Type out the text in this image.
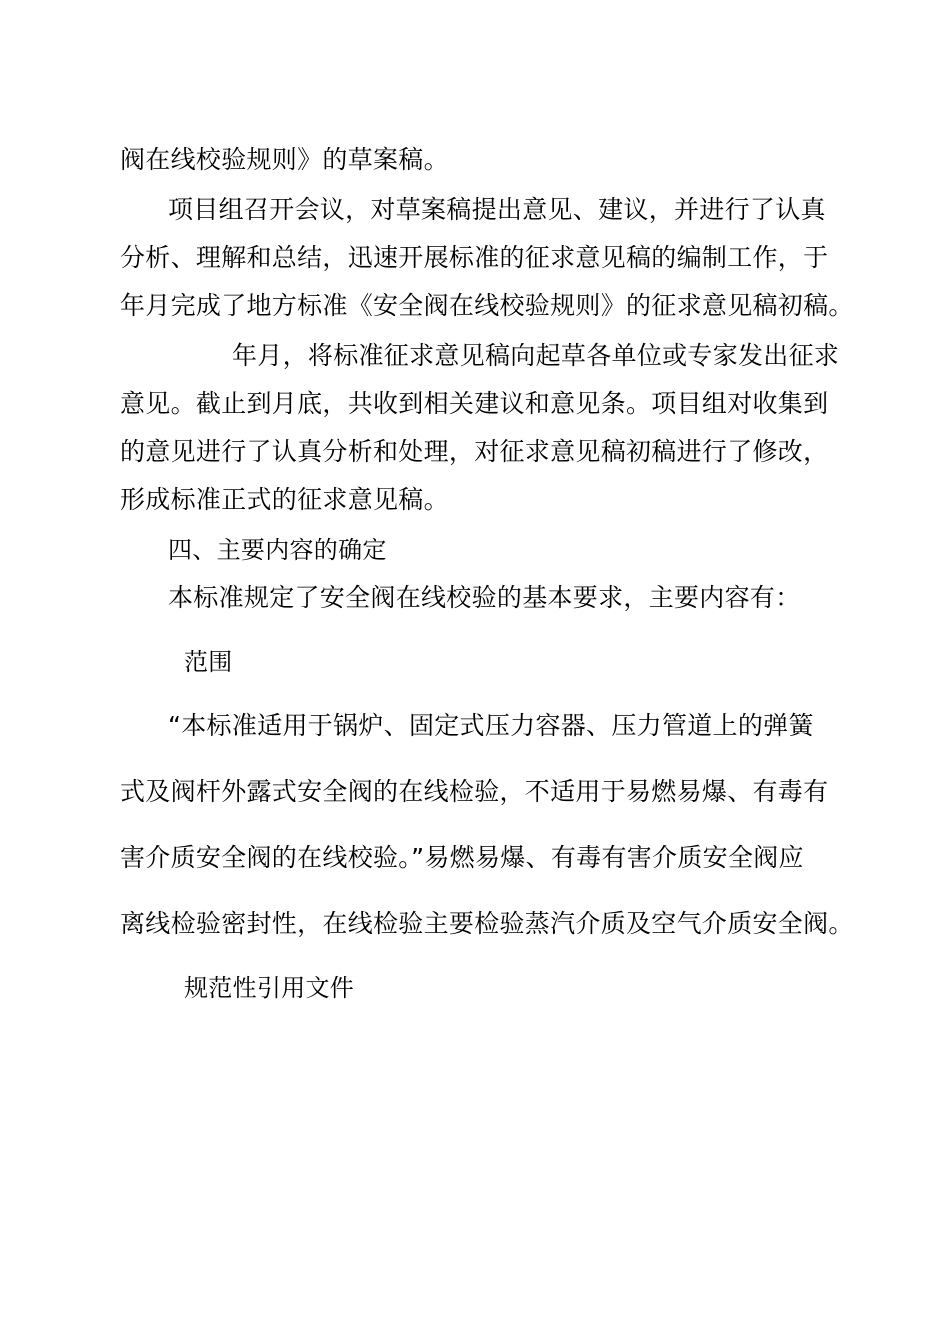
阀在线校验规则》的草案稿。
项目组召开会议，对草案稿提出意见、建议，并进行了认真
分析、理解和总结，迅速开展标准的征求意见稿的编制工作，于
年月完成了地方标准《安全阀在线校验规则》的征求意见稿初稿。
年月，将标准征求意见稿向起草各单位或专家发出征求
意见。截止到月底，共收到相关建议和意见条。项目组对收集到
的意见进行了认真分析和处理，对征求意见稿初稿进行了修改，
形成标准正式的征求意见稿。
四、主要内容的确定
本标准规定了安全阀在线校验的基本要求，主要内容有：
范围
“本标准适用于锅炉、固定式压力容器、压力管道上的弹簧
式及阀杆外露式安全阀的在线检验，不适用于易燃易爆、有毒有
害介质安全阀的在线校验。”易燃易爆、有毒有害介质安全阀应
离线检验密封性，在线检验主要检验蒸汽介质及空气介质安全阀。
规范性引用文件
